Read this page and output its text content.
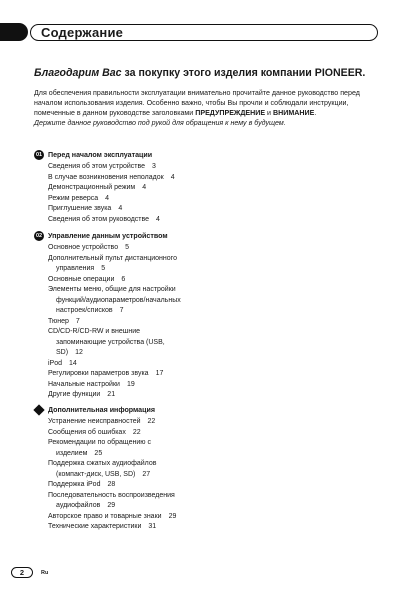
Содержание
Благодарим Вас за покупку этого изделия компании PIONEER.
Для обеспечения правильности эксплуатации внимательно прочитайте данное руководство перед началом использования изделия. Особенно важно, чтобы Вы прочли и соблюдали инструкции, помеченные в данном руководстве заголовками ПРЕДУПРЕЖДЕНИЕ и ВНИМАНИЕ.
Держите данное руководство под рукой для обращения к нему в будущем.
01
02
Перед началом эксплуатации
Управление данным устройством
Дополнительная информация
Сведения об этом устройстве 3
В случае возникновения неполадок 4
Демонстрационный режим 4
Режим реверса 4
Приглушение звука 4
Сведения об этом руководстве 4
Основное устройство 5
Дополнительный пульт дистанционного
управления 5
Основные операции 6
Элементы меню, общие для настройки
функций/аудиопараметров/начальных
настроек/списков 7
Тюнер 7
CD/CD-R/CD-RW и внешние
запоминающие устройства (USB,
SD) 12
iPod 14
Регулировки параметров звука 17
Начальные настройки 19
Другие функции 21
Устранение неисправностей 22
Сообщения об ошибках 22
Рекомендации по обращению с
изделием 25
Поддержка сжатых аудиофайлов
(компакт-диск, USB, SD) 27
Поддержка iPod 28
Последовательность воспроизведения
аудиофайлов 29
Авторское право и товарные знаки 29
Технические характеристики 31
2	Ru
